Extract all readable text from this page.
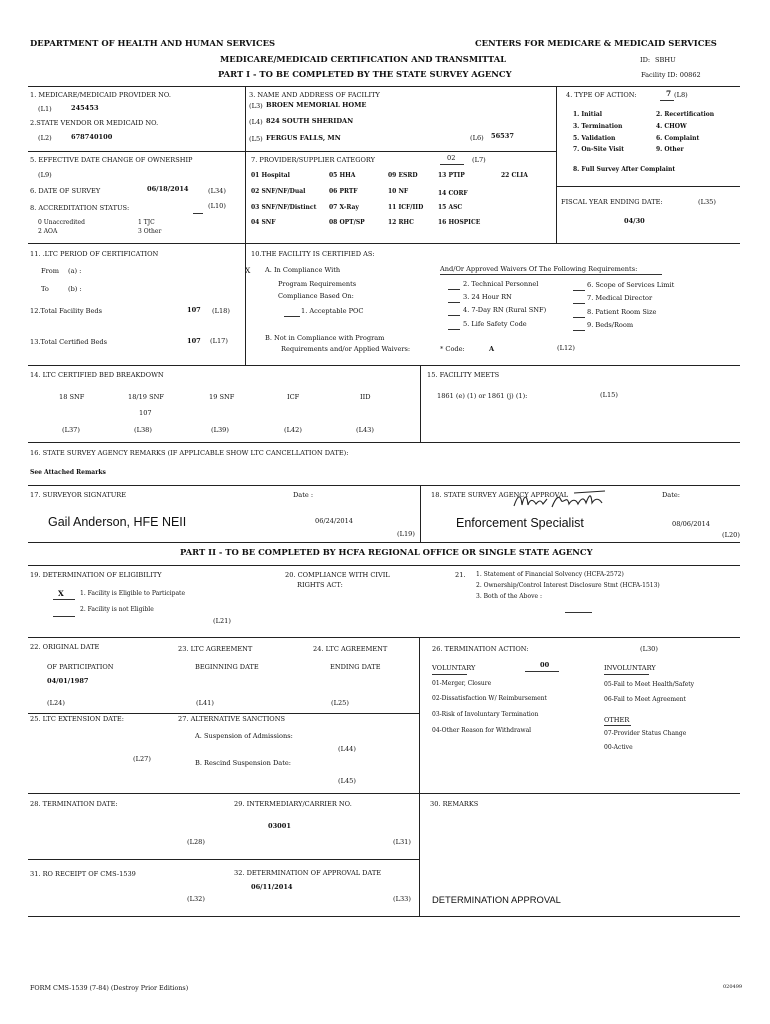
DEPARTMENT OF HEALTH AND HUMAN SERVICES	CENTERS FOR MEDICARE & MEDICAID SERVICES
MEDICARE/MEDICAID CERTIFICATION AND TRANSMITTAL
PART I - TO BE COMPLETED BY THE STATE SURVEY AGENCY
ID: SBHU
Facility ID: 00862
1. MEDICARE/MEDICAID PROVIDER NO.
(L1)	245453
2.STATE VENDOR OR MEDICAID NO.
(L2)	678740100
3. NAME AND ADDRESS OF FACILITY
(L3) BROEN MEMORIAL HOME
(L4) 824 SOUTH SHERIDAN
(L5) FERGUS FALLS, MN	(L6) 56537
4. TYPE OF ACTION:	7 (L8)
1. Initial	2. Recertification
3. Termination	4. CHOW
5. Validation	6. Complaint
7. On-Site Visit	9. Other
8. Full Survey After Complaint
5. EFFECTIVE DATE CHANGE OF OWNERSHIP
(L9)
6. DATE OF SURVEY	06/18/2014	(L34)
8. ACCREDITATION STATUS:	(L10)
0 Unaccredited	1 TJC
2 AOA	3 Other
7. PROVIDER/SUPPLIER CATEGORY	02	(L7)
01 Hospital	05 HHA	09 ESRD	13 PTIP	22 CLIA
02 SNF/NF/Dual	06 PRTF	10 NF	14 CORF
03 SNF/NF/Distinct 07 X-Ray	11 ICF/IID 15 ASC
04 SNF	08 OPT/SP	12 RHC	16 HOSPICE
FISCAL YEAR ENDING DATE:	(L35)
04/30
11. .LTC PERIOD OF CERTIFICATION
From (a) :
To	(b) :
12.Total Facility Beds	107 (L18)
13.Total Certified Beds	107 (L17)
10.THE FACILITY IS CERTIFIED AS:
X A. In Compliance With
Program Requirements
Compliance Based On:
1. Acceptable POC
B. Not in Compliance with Program
Requirements and/or Applied Waivers:
And/Or Approved Waivers Of The Following Requirements:
2. Technical Personnel
3. 24 Hour RN
4. 7-Day RN (Rural SNF)
5. Life Safety Code
6. Scope of Services Limit
7. Medical Director
8. Patient Room Size
9. Beds/Room
* Code:	A	(L12)
14. LTC CERTIFIED BED BREAKDOWN
18 SNF	18/19 SNF	19 SNF	ICF	IID
107
(L37)	(L38)	(L39)	(L42)	(L43)
15. FACILITY MEETS
1861 (e) (1) or 1861 (j) (1):	(L15)
16. STATE SURVEY AGENCY REMARKS (IF APPLICABLE SHOW LTC CANCELLATION DATE):
See Attached Remarks
17. SURVEYOR SIGNATURE	Date :
Gail Anderson, HFE NEII	06/24/2014
(L19)
18. STATE SURVEY AGENCY APPROVAL	Date:
Enforcement Specialist	08/06/2014
(L20)
PART II - TO BE COMPLETED BY HCFA REGIONAL OFFICE OR SINGLE STATE AGENCY
19. DETERMINATION OF ELIGIBILITY
X	1. Facility is Eligible to Participate
2. Facility is not Eligible
(L21)
20. COMPLIANCE WITH CIVIL
RIGHTS ACT:
21. 1. Statement of Financial Solvency (HCFA-2572)
2. Ownership/Control Interest Disclosure Stmt (HCFA-1513)
3. Both of the Above :
22. ORIGINAL DATE
OF PARTICIPATION
04/01/1987
(L24)
23. LTC AGREEMENT
BEGINNING DATE
(L41)
24. LTC AGREEMENT
ENDING DATE
(L25)
25. LTC EXTENSION DATE:
(L27)
27. ALTERNATIVE SANCTIONS
A. Suspension of Admissions:
(L44)
B. Rescind Suspension Date:
(L45)
26. TERMINATION ACTION:	(L30)
VOLUNTARY	00	INVOLUNTARY
01-Merger, Closure
02-Dissatisfaction W/ Reimbursement
03-Risk of Involuntary Termination
04-Other Reason for Withdrawal
05-Fail to Meet Health/Safety
06-Fail to Meet Agreement
OTHER
07-Provider Status Change
00-Active
28. TERMINATION DATE:
(L28)
29. INTERMEDIARY/CARRIER NO.
03001
(L31)
30. REMARKS
31. RO RECEIPT OF CMS-1539
(L32)
32. DETERMINATION OF APPROVAL DATE
06/11/2014
(L33) DETERMINATION APPROVAL
FORM CMS-1539 (7-84) (Destroy Prior Editions)	020499
